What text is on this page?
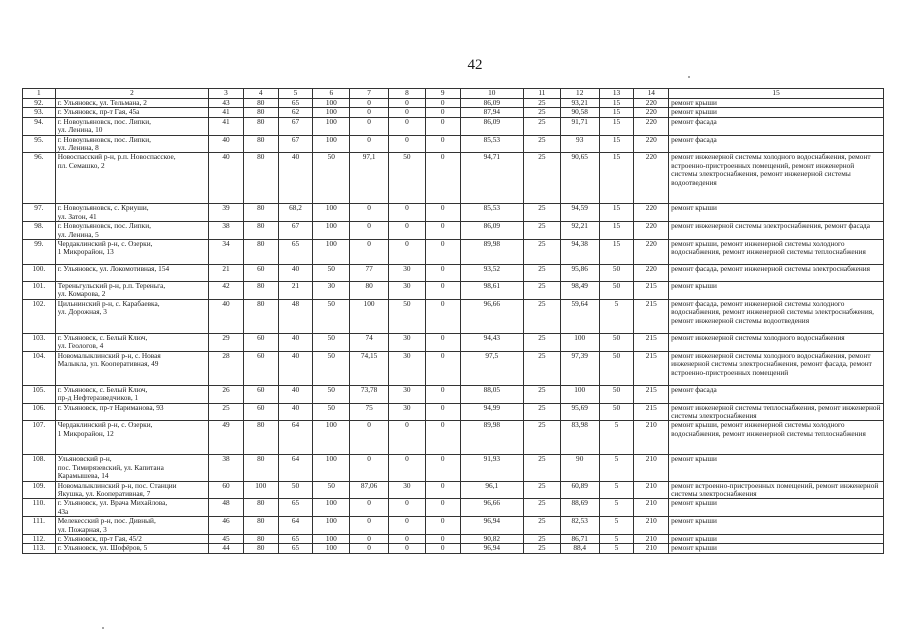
42
1	2	3	4	5	6	7	8	9	10	11	12	13	14	15
92.	г. Ульяновск, ул. Тельмана, 2	43	80	65	100	0	0	0	86,09	25	93,21	15	220	ремонт крыши
93.	г. Ульяновск, пр-т Гая, 45а	41	80	62	100	0	0	0	87,94	25	90,58	15	220	ремонт крыши
94.	г. Новоульяновск, пос. Липки,
ул. Ленина, 10	41	80	67	100	0	0	0	86,09	25	91,71	15	220	ремонт фасада
95.	г. Новоульяновск, пос. Липки,
ул. Ленина, 8	40	80	67	100	0	0	0	85,53	25	93	15	220	ремонт фасада
96.	Новоспасский р-н, р.п. Новоспасское,
пл. Семашко, 2	40	80	40	50	97,1	50	0	94,71	25	90,65	15	220	ремонт инженерной системы холодного водоснабжения, ремонт встроенно-пристроенных помещений, ремонт инженерной системы электроснабжения, ремонт инженерной системы водоотведения
97.	г. Новоульяновск, с. Криуши,
ул. Затон, 41	39	80	68,2	100	0	0	0	85,53	25	94,59	15	220	ремонт крыши
98.	г. Новоульяновск, пос. Липки,
ул. Ленина, 5	38	80	67	100	0	0	0	86,09	25	92,21	15	220	ремонт инженерной системы электроснабжения, ремонт фасада
99.	Чердаклинский р-н, с. Озерки,
1 Микрорайон, 13	34	80	65	100	0	0	0	89,98	25	94,38	15	220	ремонт крыши, ремонт инженерной системы холодного водоснабжения, ремонт инженерной системы теплоснабжения
100.	г. Ульяновск, ул. Локомотивная, 154	21	60	40	50	77	30	0	93,52	25	95,86	50	220	ремонт фасада, ремонт инженерной системы электроснабжения
101.	Тереньгульский р-н, р.п. Тереньга,
ул. Комарова, 2	42	80	21	30	80	30	0	98,61	25	98,49	50	215	ремонт крыши
102.	Цильнинский р-н, с. Карабаевка,
ул. Дорожная, 3	40	80	48	50	100	50	0	96,66	25	59,64	5	215	ремонт фасада, ремонт инженерной системы холодного водоснабжения, ремонт инженерной системы электроснабжения, ремонт инженерной системы водоотведения
103.	г. Ульяновск, с. Белый Ключ,
ул. Геологов, 4	29	60	40	50	74	30	0	94,43	25	100	50	215	ремонт инженерной системы холодного водоснабжения
104.	Новомалыклинский р-н, с. Новая
Малыкла, ул. Кооперативная, 49	28	60	40	50	74,15	30	0	97,5	25	97,39	50	215	ремонт инженерной системы холодного водоснабжения, ремонт инженерной системы электроснабжения, ремонт фасада, ремонт встроенно-пристроенных помещений
105.	г. Ульяновск, с. Белый Ключ,
пр-д Нефтеразведчиков, 1	26	60	40	50	73,78	30	0	88,05	25	100	50	215	ремонт фасада
106.	г. Ульяновск, пр-т Нариманова, 93	25	60	40	50	75	30	0	94,99	25	95,69	50	215	ремонт инженерной системы теплоснабжения, ремонт инженерной системы электроснабжения
107.	Чердаклинский р-н, с. Озерки,
1 Микрорайон, 12	49	80	64	100	0	0	0	89,98	25	83,98	5	210	ремонт крыши, ремонт инженерной системы холодного водоснабжения, ремонт инженерной системы теплоснабжения
108.	Ульяновский р-н,
пос. Тимирязевский, ул. Капитана
Карамышева, 14	38	80	64	100	0	0	0	91,93	25	90	5	210	ремонт крыши
109.	Новомалыклинский р-н, пос. Станции
Якушка, ул. Кооперативная, 7	60	100	50	50	87,06	30	0	96,1	25	60,89	5	210	ремонт встроенно-пристроенных помещений, ремонт инженерной системы электроснабжения
110.	г. Ульяновск, ул. Врача Михайлова,
43а	48	80	65	100	0	0	0	96,66	25	88,69	5	210	ремонт крыши
111.	Мелекесский р-н, пос. Дивный,
ул. Пожарная, 3	46	80	64	100	0	0	0	96,94	25	82,53	5	210	ремонт крыши
112.	г. Ульяновск, пр-т Гая, 45/2	45	80	65	100	0	0	0	90,82	25	86,71	5	210	ремонт крыши
113.	г. Ульяновск, ул. Шофёров, 5	44	80	65	100	0	0	0	96,94	25	88,4	5	210	ремонт крыши
